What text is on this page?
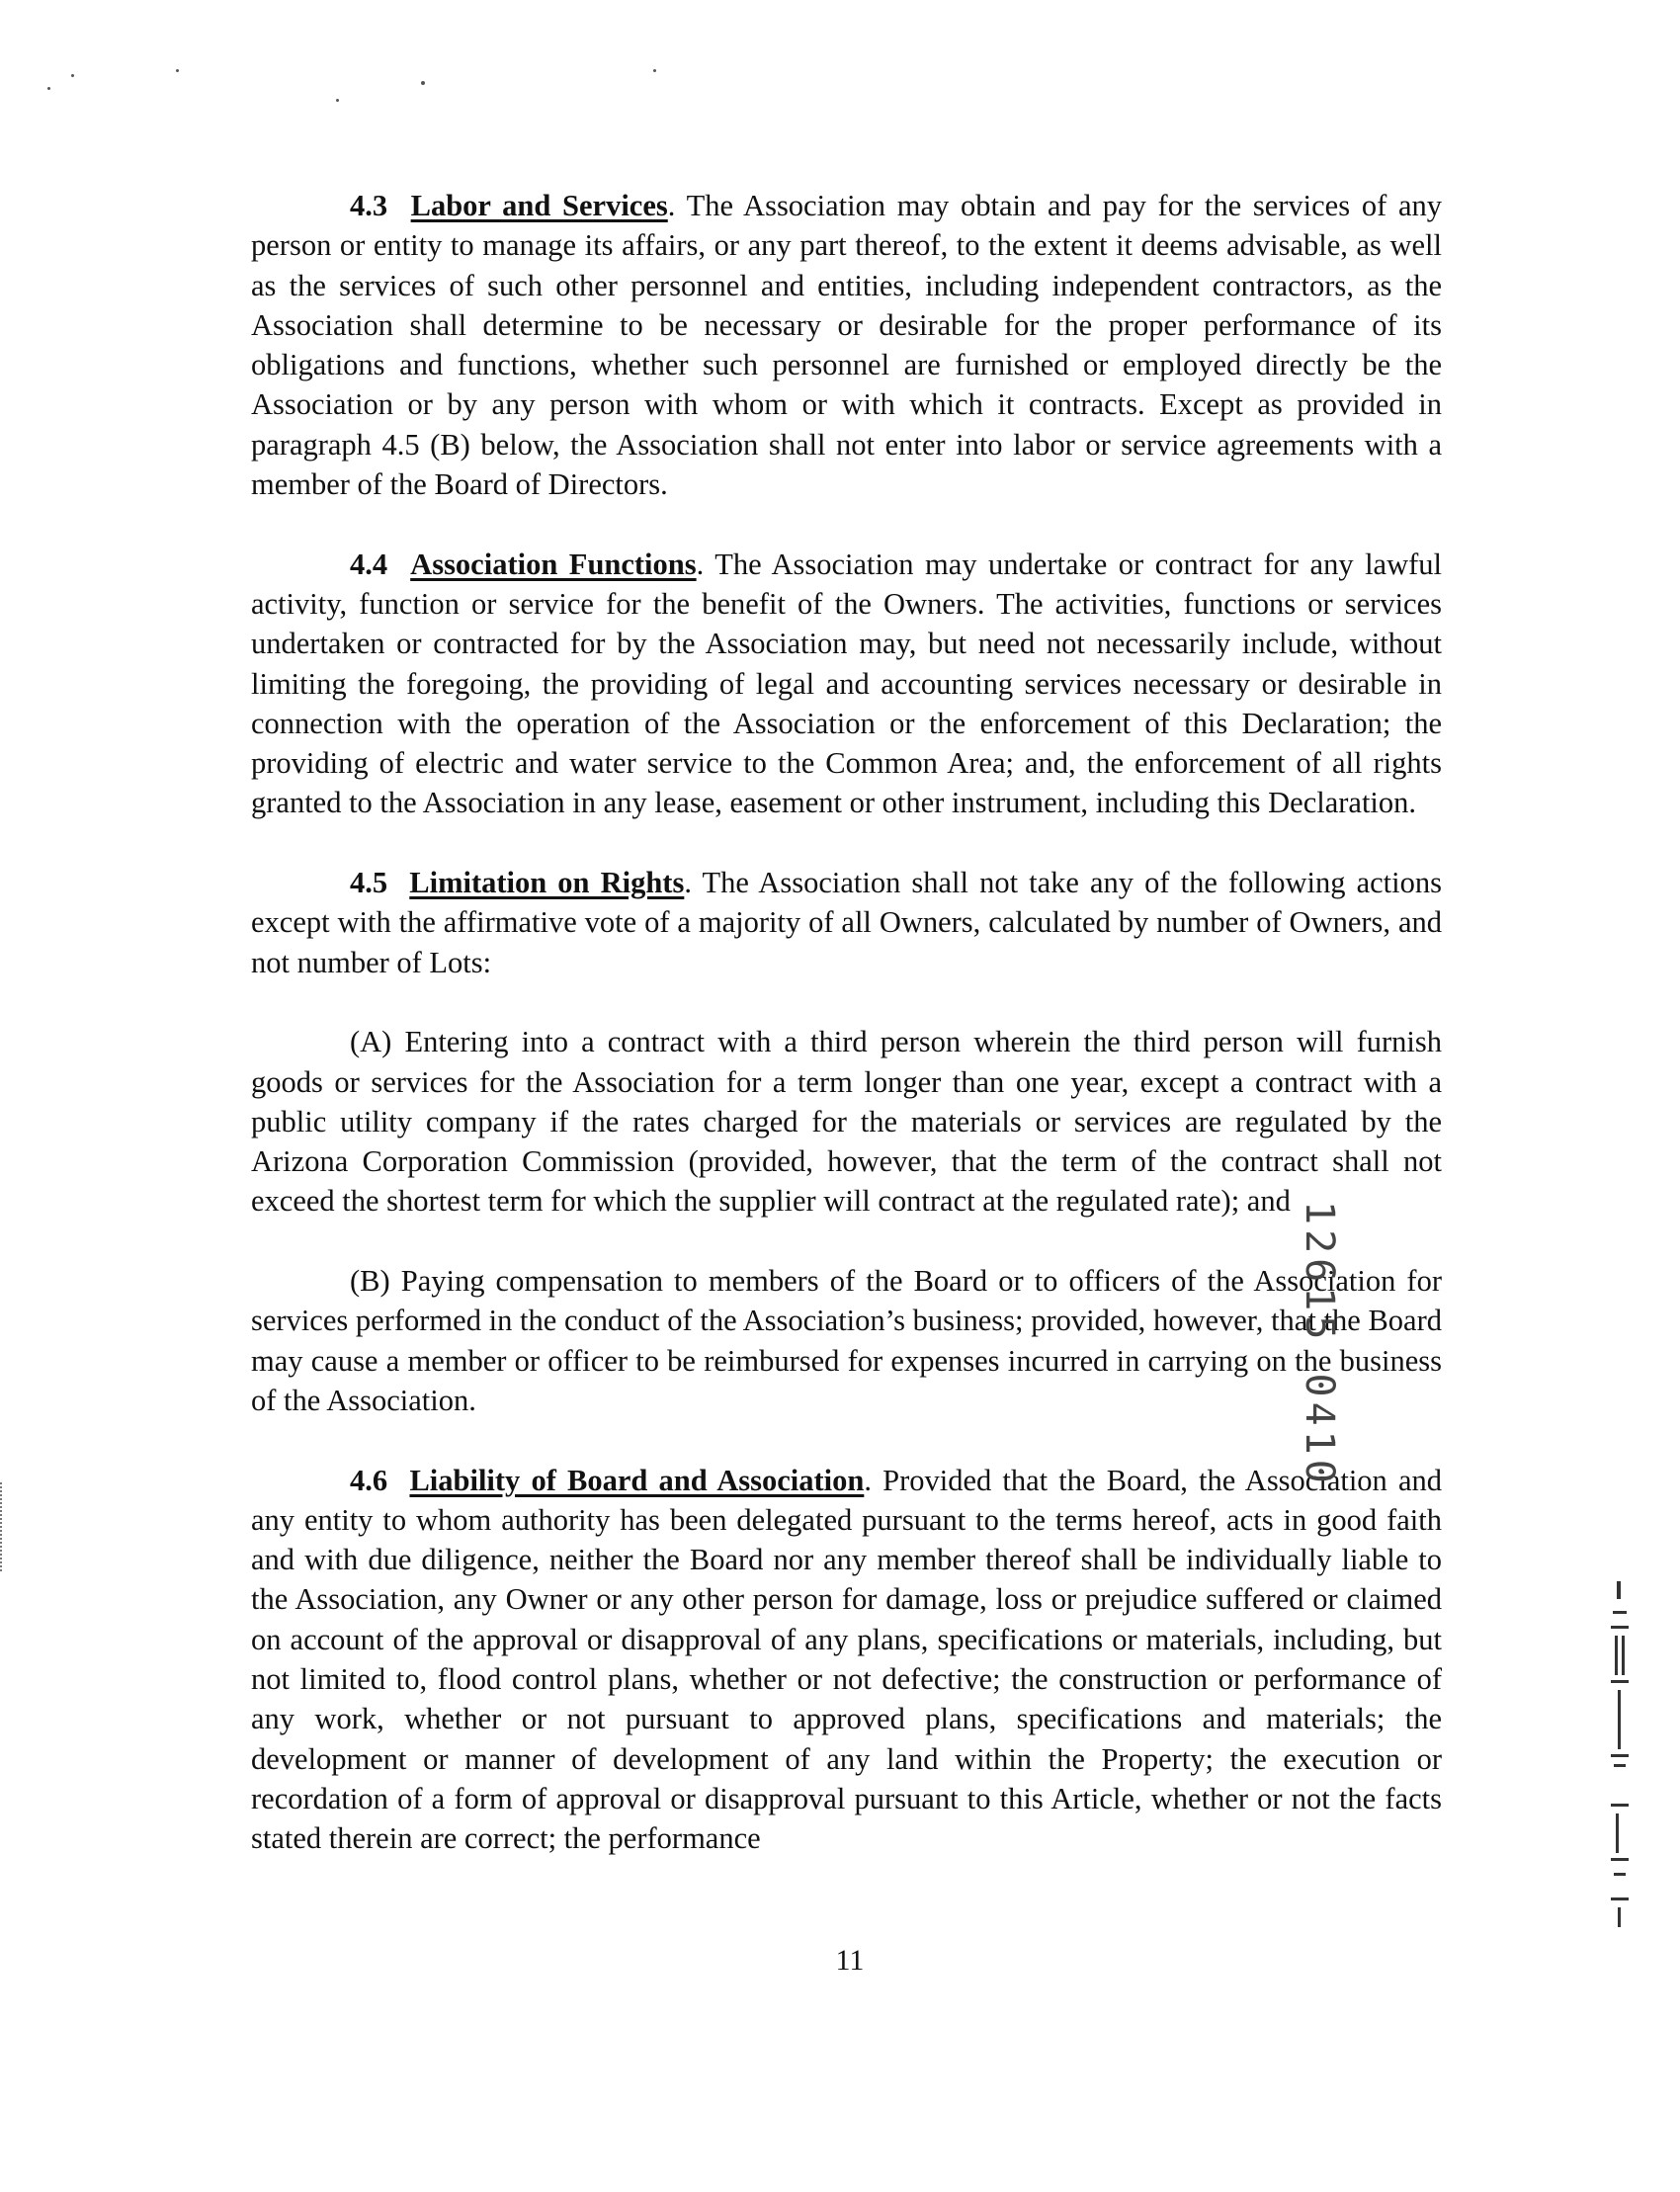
4.3 Labor and Services. The Association may obtain and pay for the services of any person or entity to manage its affairs, or any part thereof, to the extent it deems advisable, as well as the services of such other personnel and entities, including independent contractors, as the Association shall determine to be necessary or desirable for the proper performance of its obligations and functions, whether such personnel are furnished or employed directly be the Association or by any person with whom or with which it contracts. Except as provided in paragraph 4.5 (B) below, the Association shall not enter into labor or service agreements with a member of the Board of Directors.

4.4 Association Functions. The Association may undertake or contract for any lawful activity, function or service for the benefit of the Owners. The activities, functions or services undertaken or contracted for by the Association may, but need not necessarily include, without limiting the foregoing, the providing of legal and accounting services necessary or desirable in connection with the operation of the Association or the enforcement of this Declaration; the providing of electric and water service to the Common Area; and, the enforcement of all rights granted to the Association in any lease, easement or other instrument, including this Declaration.

4.5 Limitation on Rights. The Association shall not take any of the following actions except with the affirmative vote of a majority of all Owners, calculated by number of Owners, and not number of Lots:

(A) Entering into a contract with a third person wherein the third person will furnish goods or services for the Association for a term longer than one year, except a contract with a public utility company if the rates charged for the materials or services are regulated by the Arizona Corporation Commission (provided, however, that the term of the contract shall not exceed the shortest term for which the supplier will contract at the regulated rate); and

(B) Paying compensation to members of the Board or to officers of the Association for services performed in the conduct of the Association’s business; provided, however, that the Board may cause a member or officer to be reimbursed for expenses incurred in carrying on the business of the Association.

4.6 Liability of Board and Association. Provided that the Board, the Association and any entity to whom authority has been delegated pursuant to the terms hereof, acts in good faith and with due diligence, neither the Board nor any member thereof shall be individually liable to the Association, any Owner or any other person for damage, loss or prejudice suffered or claimed on account of the approval or disapproval of any plans, specifications or materials, including, but not limited to, flood control plans, whether or not defective; the construction or performance of any work, whether or not pursuant to approved plans, specifications and materials; the development or manner of development of any land within the Property; the execution or recordation of a form of approval or disapproval pursuant to this Article, whether or not the facts stated therein are correct; the performance

11
12615 0410
